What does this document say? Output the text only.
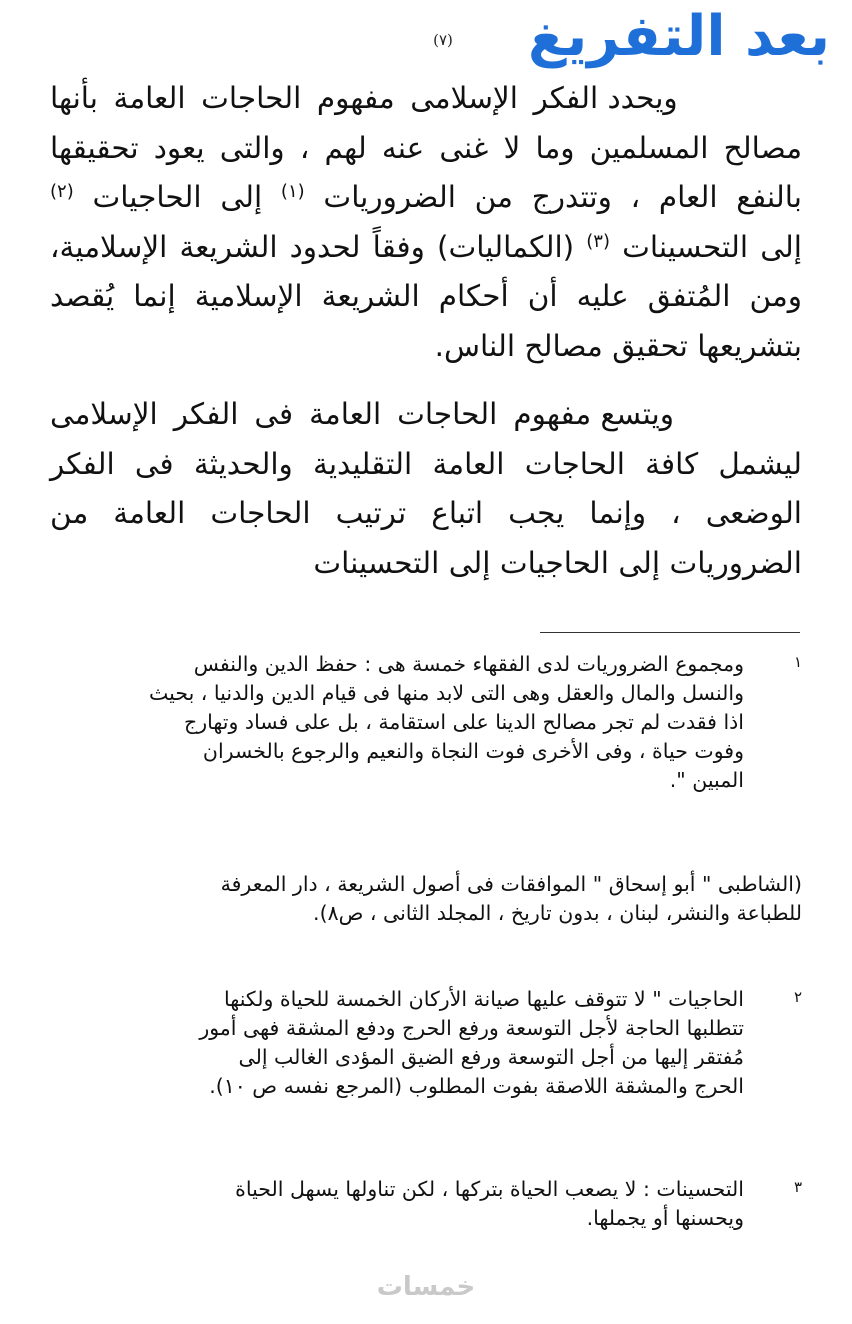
بعد التفريغ
(٧)

ويحدد الفكر الإسلامى مفهوم الحاجات العامة بأنها
مصالح المسلمين وما لا غنى عنه لهم ، والتى يعود تحقيقها
بالنفع العام ، وتتدرج من الضروريات $^{(١)}$ إلى الحاجيات $^{(٢)}$
إلى التحسينات $^{(٣)}$ (الكماليات) وفقاً لحدود الشريعة الإسلامية،
ومن المُتفق عليه أن أحكام الشريعة الإسلامية إنما يُقصد
بتشريعها تحقيق مصالح الناس.

ويتسع مفهوم الحاجات العامة فى الفكر الإسلامى
ليشمل كافة الحاجات العامة التقليدية والحديثة فى الفكر
الوضعى ، وإنما يجب اتباع ترتيب الحاجات العامة من
الضروريات إلى الحاجيات إلى التحسينات

١
ومجموع الضروريات لدى الفقهاء خمسة هى : حفظ الدين والنفس
والنسل والمال والعقل وهى التى لابد منها فى قيام الدين والدنيا ، بحيث
اذا فقدت لم تجر مصالح الدينا على استقامة ، بل على فساد وتهارج
وفوت حياة ، وفى الأخرى فوت النجاة والنعيم والرجوع بالخسران
المبين ".
(الشاطبى " أبو إسحاق " الموافقات فى أصول الشريعة ، دار المعرفة
للطباعة والنشر، لبنان ، بدون تاريخ ، المجلد الثانى ، ص٨).
٢
الحاجيات " لا تتوقف عليها صيانة الأركان الخمسة للحياة ولكنها
تتطلبها الحاجة لأجل التوسعة ورفع الحرج ودفع المشقة فهى أمور
مُفتقر إليها من أجل التوسعة ورفع الضيق المؤدى الغالب إلى
الحرج والمشقة اللاصقة بفوت المطلوب (المرجع نفسه ص ١٠).
٣
التحسينات : لا يصعب الحياة بتركها ، لكن تناولها يسهل الحياة
ويحسنها أو يجملها.
خمسات
